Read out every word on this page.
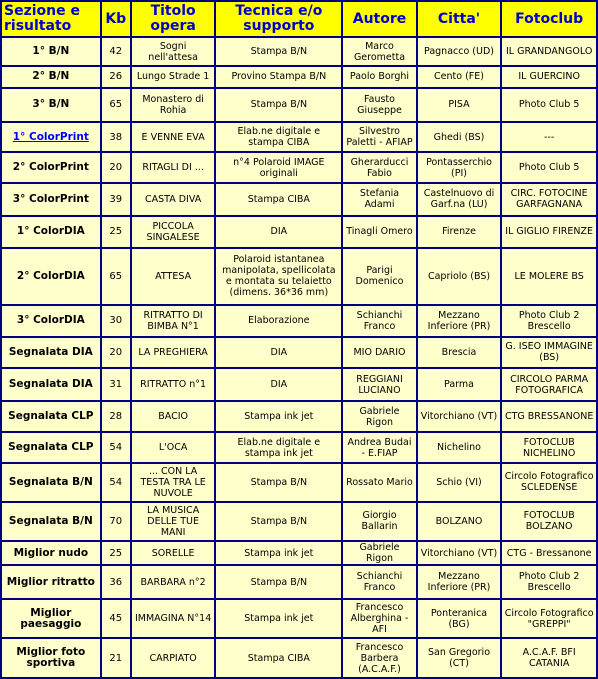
Sezione e risultato	Kb	Titolo opera	Tecnica e/o supporto	Autore	Citta'	Fotoclub
1° B/N	42	Sogni nell'attesa	Stampa B/N	Marco Gerometta	Pagnacco (UD)	IL GRANDANGOLO
2° B/N	26	Lungo Strade 1	Provino Stampa B/N	Paolo Borghi	Cento (FE)	IL GUERCINO
3° B/N	65	Monastero di Rohia	Stampa B/N	Fausto Giuseppe	PISA	Photo Club 5
1° ColorPrint	38	E VENNE EVA	Elab.ne digitale e stampa CIBA	Silvestro Paletti - AFIAP	Ghedi (BS)	---
2° ColorPrint	20	RITAGLI DI ...	n°4 Polaroid IMAGE originali	Gherarducci Fabio	Pontasserchio (PI)	Photo Club 5
3° ColorPrint	39	CASTA DIVA	Stampa CIBA	Stefania Adami	Castelnuovo di Garf.na (LU)	CIRC. FOTOCINE GARFAGNANA
1° ColorDIA	25	PICCOLA SINGALESE	DIA	Tinagli Omero	Firenze	IL GIGLIO FIRENZE
2° ColorDIA	65	ATTESA	Polaroid istantanea manipolata, spellicolata e montata su telaietto (dimens. 36*36 mm)	Parigi Domenico	Capriolo (BS)	LE MOLERE BS
3° ColorDIA	30	RITRATTO DI BIMBA N°1	Elaborazione	Schianchi Franco	Mezzano Inferiore (PR)	Photo Club 2 Brescello
Segnalata DIA	20	LA PREGHIERA	DIA	MIO DARIO	Brescia	G. ISEO IMMAGINE (BS)
Segnalata DIA	31	RITRATTO n°1	DIA	REGGIANI LUCIANO	Parma	CIRCOLO PARMA FOTOGRAFICA
Segnalata CLP	28	BACIO	Stampa ink jet	Gabriele Rigon	Vitorchiano (VT)	CTG BRESSANONE
Segnalata CLP	54	L'OCA	Elab.ne digitale e stampa ink jet	Andrea Budai - E.FIAP	Nichelino	FOTOCLUB NICHELINO
Segnalata B/N	54	... CON LA TESTA TRA LE NUVOLE	Stampa B/N	Rossato Mario	Schio (VI)	Circolo Fotografico SCLEDENSE
Segnalata B/N	70	LA MUSICA DELLE TUE MANI	Stampa B/N	Giorgio Ballarin	BOLZANO	FOTOCLUB BOLZANO
Miglior nudo	25	SORELLE	Stampa ink jet	Gabriele Rigon	Vitorchiano (VT)	CTG - Bressanone
Miglior ritratto	36	BARBARA n°2	Stampa B/N	Schianchi Franco	Mezzano Inferiore (PR)	Photo Club 2 Brescello
Miglior paesaggio	45	IMMAGINA N°14	Stampa ink jet	Francesco Alberghina - AFI	Ponteranica (BG)	Circolo Fotografico "GREPPI"
Miglior foto sportiva	21	CARPIATO	Stampa CIBA	Francesco Barbera (A.C.A.F.)	San Gregorio (CT)	A.C.A.F. BFI CATANIA
